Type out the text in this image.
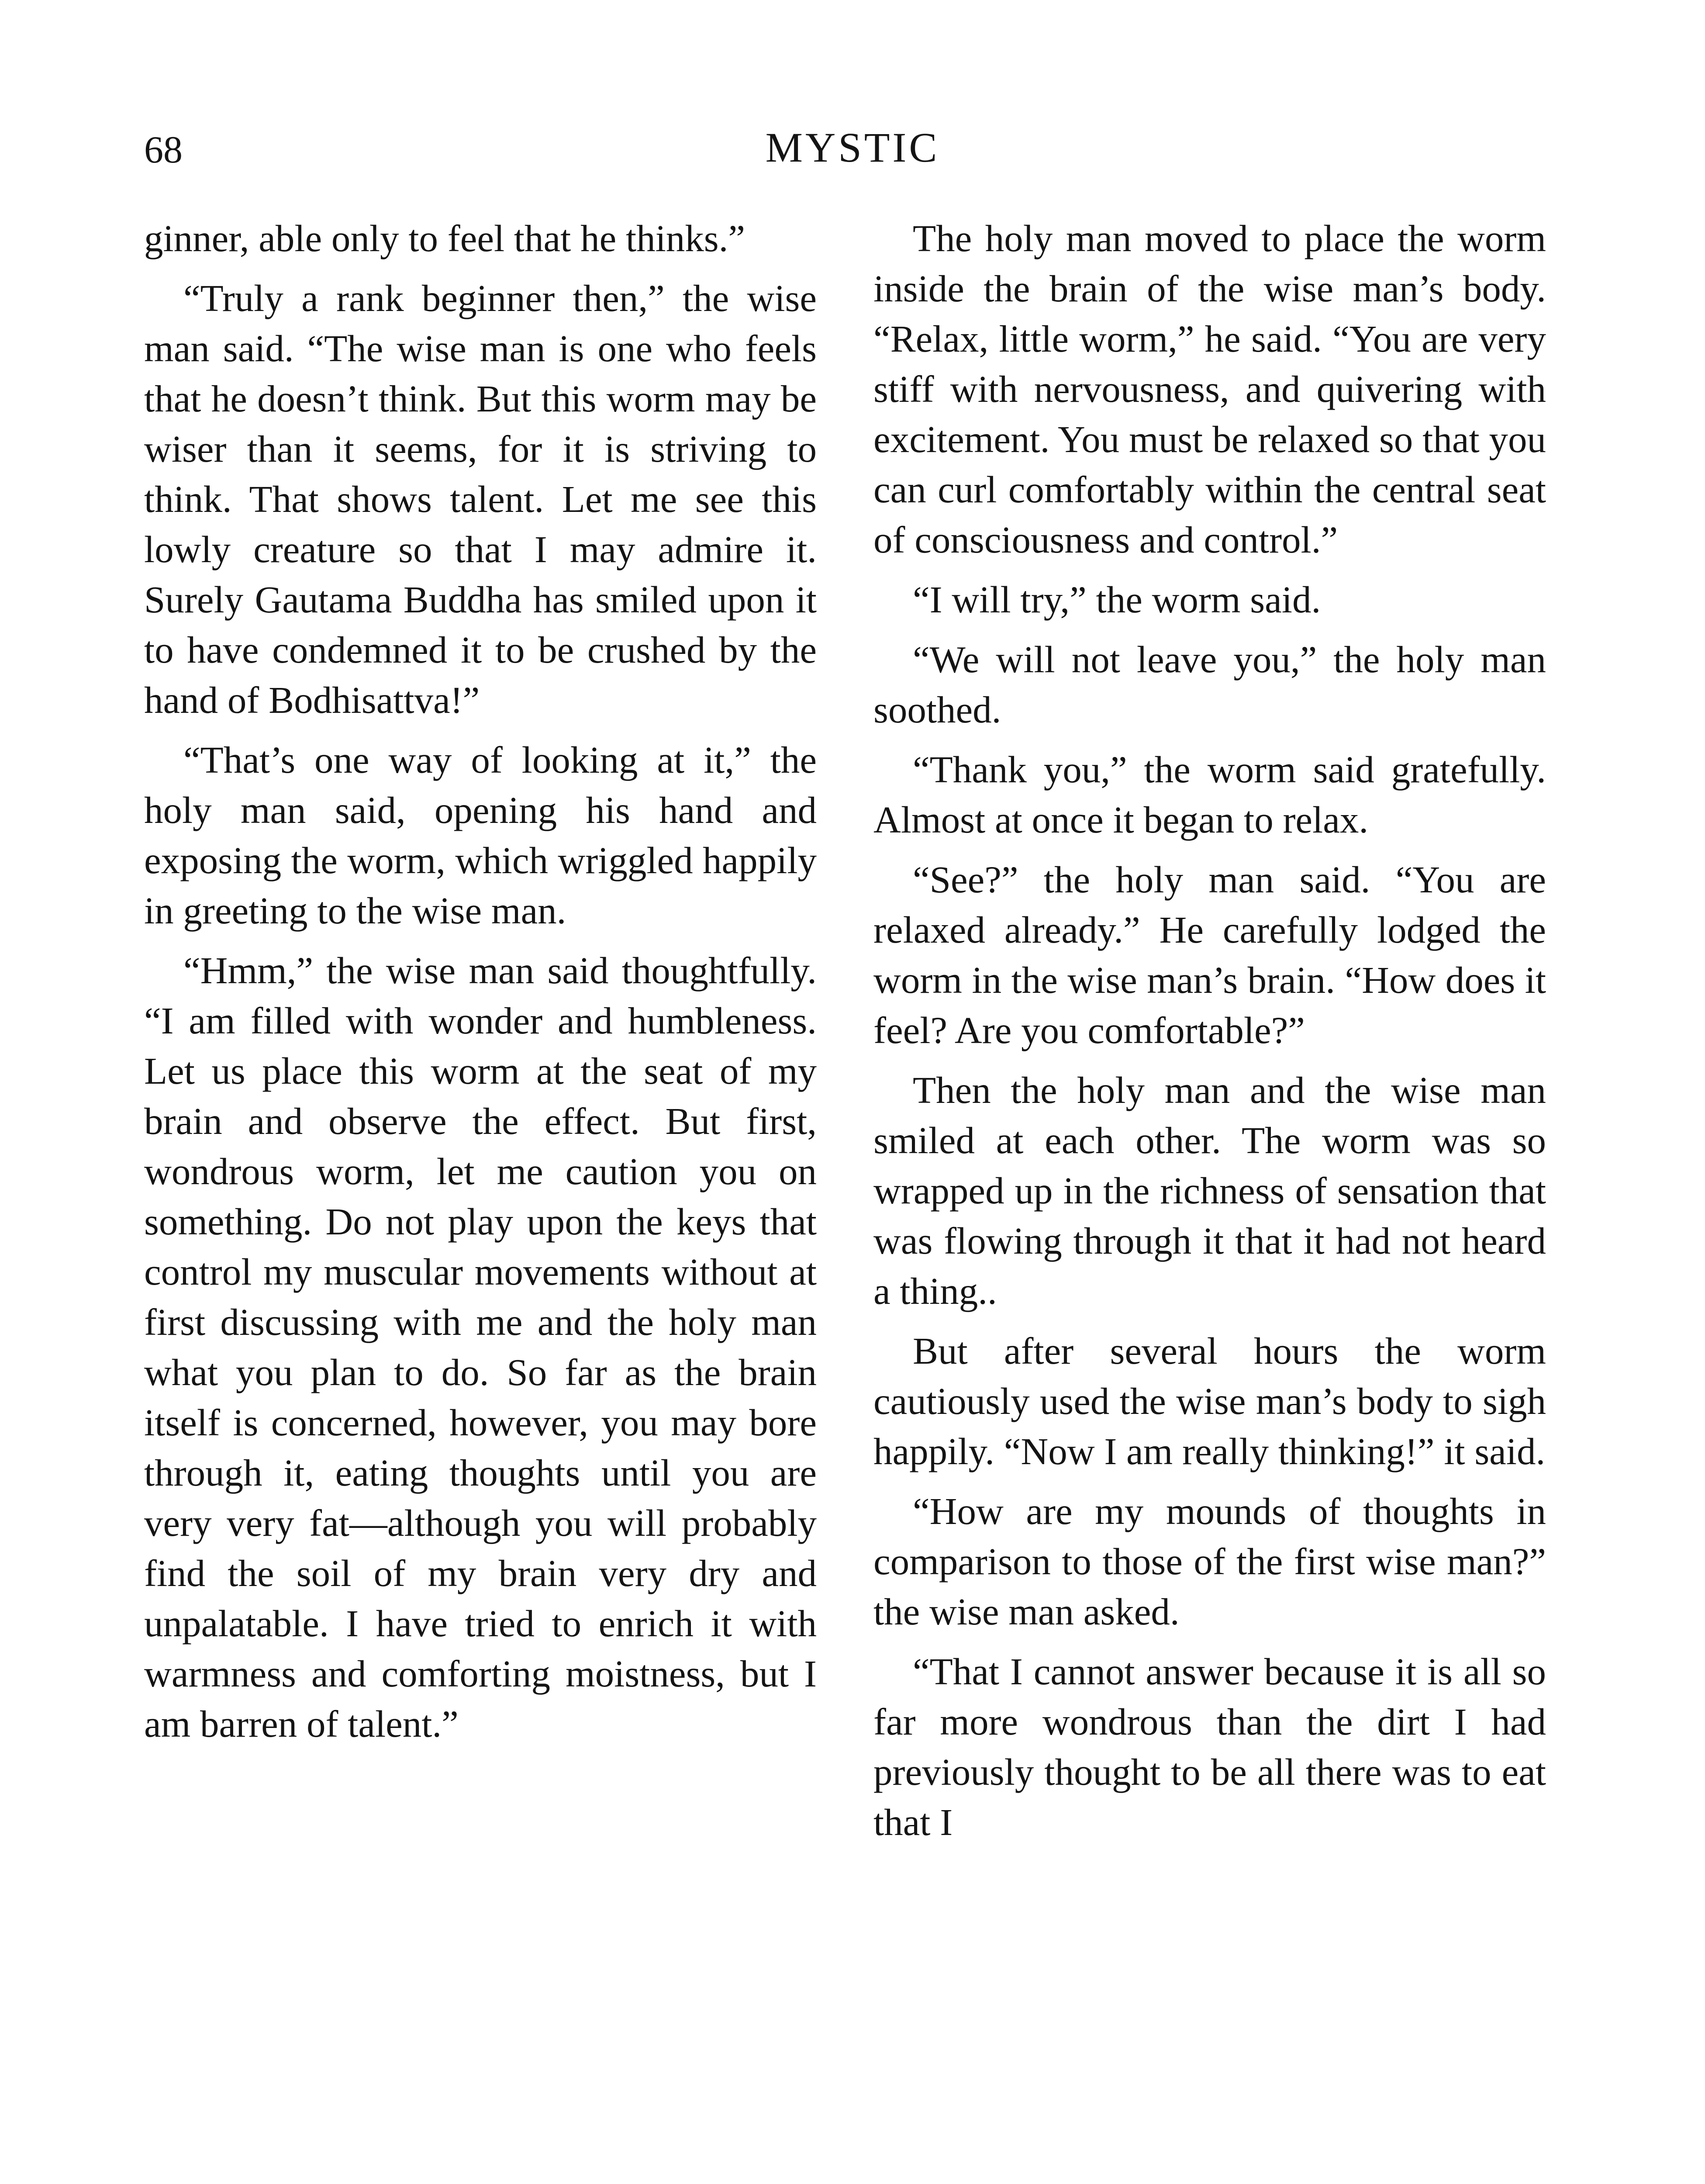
68	MYSTIC

ginner, able only to feel that he thinks.”

“Truly a rank beginner then,” the wise man said. “The wise man is one who feels that he doesn’t think. But this worm may be wiser than it seems, for it is striving to think. That shows talent. Let me see this lowly creature so that I may admire it. Surely Gautama Buddha has smiled upon it to have condemned it to be crushed by the hand of Bodhisattva!”

“That’s one way of looking at it,” the holy man said, opening his hand and exposing the worm, which wriggled happily in greeting to the wise man.

“Hmm,” the wise man said thoughtfully. “I am filled with wonder and humbleness. Let us place this worm at the seat of my brain and observe the effect. But first, wondrous worm, let me caution you on something. Do not play upon the keys that control my muscular movements without at first discussing with me and the holy man what you plan to do. So far as the brain itself is concerned, however, you may bore through it, eating thoughts until you are very very fat—although you will probably find the soil of my brain very dry and unpalatable. I have tried to enrich it with warmness and comforting moistness, but I am barren of talent.”

The holy man moved to place the worm inside the brain of the wise man’s body. “Relax, little worm,” he said. “You are very stiff with nervousness, and quivering with excitement. You must be relaxed so that you can curl comfortably within the central seat of consciousness and control.”

“I will try,” the worm said.

“We will not leave you,” the holy man soothed.

“Thank you,” the worm said gratefully. Almost at once it began to relax.

“See?” the holy man said. “You are relaxed already.” He carefully lodged the worm in the wise man’s brain. “How does it feel? Are you comfortable?”

Then the holy man and the wise man smiled at each other. The worm was so wrapped up in the richness of sensation that was flowing through it that it had not heard a thing..

But after several hours the worm cautiously used the wise man’s body to sigh happily. “Now I am really thinking!” it said.

“How are my mounds of thoughts in comparison to those of the first wise man?” the wise man asked.

“That I cannot answer because it is all so far more wondrous than the dirt I had previously thought to be all there was to eat that I
